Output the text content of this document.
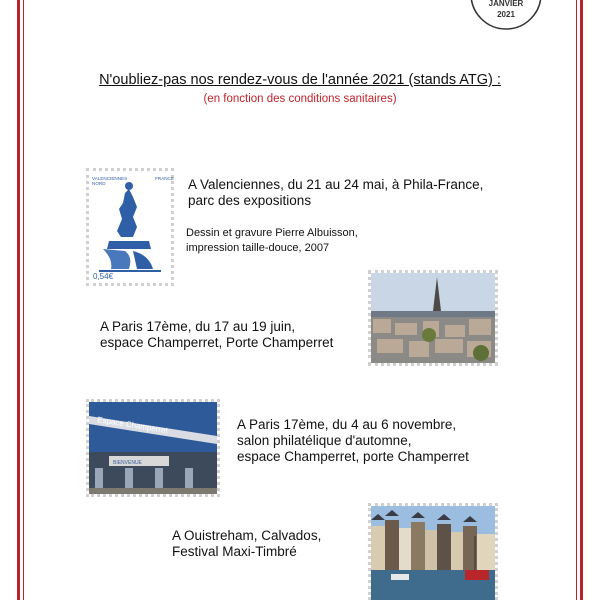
JANVIER
2021
N'oubliez-pas nos rendez-vous de l'année 2021 (stands ATG) :
(en fonction des conditions sanitaires)
VALENCIENNES
NORD
FRANCE
0,54€
A Valenciennes, du 21 au 24 mai, à Phila-France,
parc des expositions
Dessin et gravure Pierre Albuisson,
impression taille-douce, 2007
A Paris 17ème, du 17 au 19 juin,
espace Champerret, Porte Champerret
Espace Champerret
BIENVENUE
A Paris 17ème, du 4 au 6 novembre,
salon philatélique d'automne,
espace Champerret, porte Champerret
A Ouistreham, Calvados,
Festival Maxi-Timbré
